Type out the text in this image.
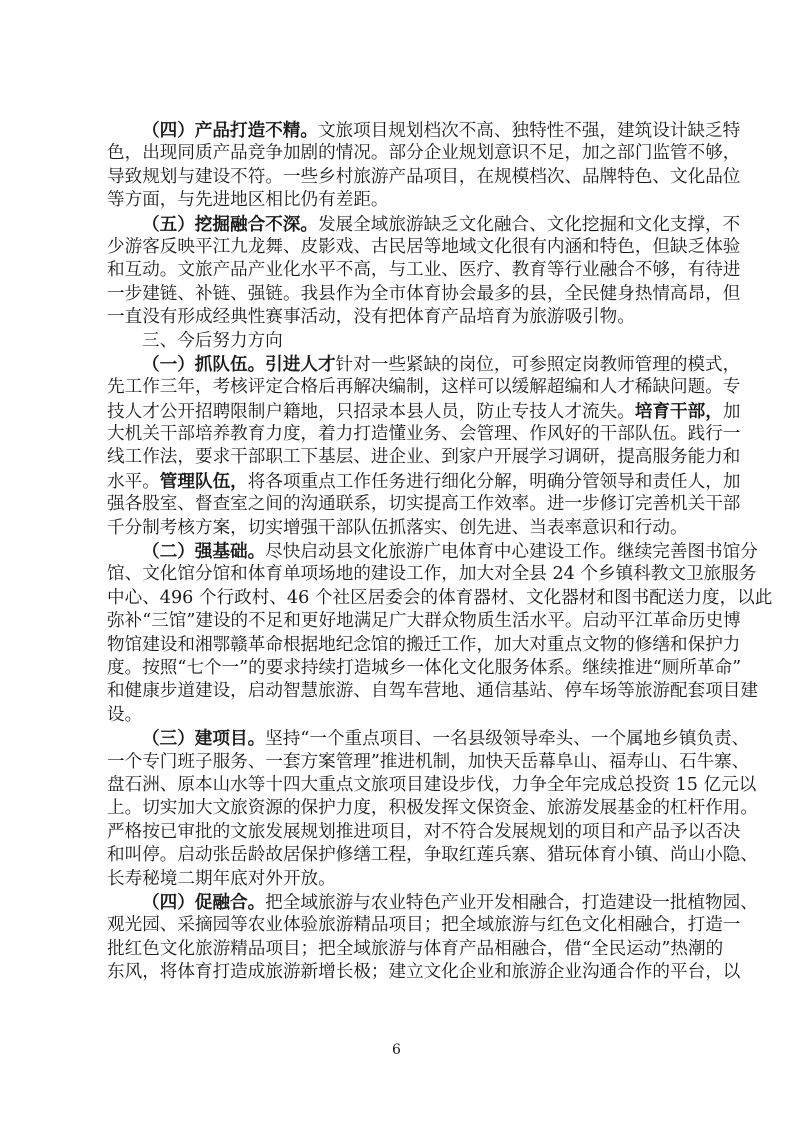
（四）产品打造不精。文旅项目规划档次不高、独特性不强，建筑设计缺乏特
色，出现同质产品竞争加剧的情况。部分企业规划意识不足，加之部门监管不够，
导致规划与建设不符。一些乡村旅游产品项目，在规模档次、品牌特色、文化品位
等方面，与先进地区相比仍有差距。
（五）挖掘融合不深。发展全域旅游缺乏文化融合、文化挖掘和文化支撑，不
少游客反映平江九龙舞、皮影戏、古民居等地域文化很有内涵和特色，但缺乏体验
和互动。文旅产品产业化水平不高，与工业、医疗、教育等行业融合不够，有待进
一步建链、补链、强链。我县作为全市体育协会最多的县，全民健身热情高昂，但
一直没有形成经典性赛事活动，没有把体育产品培育为旅游吸引物。
三、今后努力方向
（一）抓队伍。引进人才针对一些紧缺的岗位，可参照定岗教师管理的模式，
先工作三年，考核评定合格后再解决编制，这样可以缓解超编和人才稀缺问题。专
技人才公开招聘限制户籍地，只招录本县人员，防止专技人才流失。培育干部，加
大机关干部培养教育力度，着力打造懂业务、会管理、作风好的干部队伍。践行一
线工作法，要求干部职工下基层、进企业、到家户开展学习调研，提高服务能力和
水平。管理队伍，将各项重点工作任务进行细化分解，明确分管领导和责任人，加
强各股室、督查室之间的沟通联系，切实提高工作效率。进一步修订完善机关干部
千分制考核方案，切实增强干部队伍抓落实、创先进、当表率意识和行动。
（二）强基础。尽快启动县文化旅游广电体育中心建设工作。继续完善图书馆分
馆、文化馆分馆和体育单项场地的建设工作，加大对全县 24 个乡镇科教文卫旅服务
中心、496 个行政村、46 个社区居委会的体育器材、文化器材和图书配送力度，以此
弥补“三馆”建设的不足和更好地满足广大群众物质生活水平。启动平江革命历史博
物馆建设和湘鄂赣革命根据地纪念馆的搬迁工作，加大对重点文物的修缮和保护力
度。按照“七个一”的要求持续打造城乡一体化文化服务体系。继续推进“厕所革命”
和健康步道建设，启动智慧旅游、自驾车营地、通信基站、停车场等旅游配套项目建
设。
（三）建项目。坚持“一个重点项目、一名县级领导牵头、一个属地乡镇负责、
一个专门班子服务、一套方案管理”推进机制，加快天岳幕阜山、福寿山、石牛寨、
盘石洲、原本山水等十四大重点文旅项目建设步伐，力争全年完成总投资 15 亿元以
上。切实加大文旅资源的保护力度，积极发挥文保资金、旅游发展基金的杠杆作用。
严格按已审批的文旅发展规划推进项目，对不符合发展规划的项目和产品予以否决
和叫停。启动张岳龄故居保护修缮工程，争取红莲兵寨、猎玩体育小镇、尚山小隐、
长寿秘境二期年底对外开放。
（四）促融合。把全域旅游与农业特色产业开发相融合，打造建设一批植物园、
观光园、采摘园等农业体验旅游精品项目；把全域旅游与红色文化相融合，打造一
批红色文化旅游精品项目；把全域旅游与体育产品相融合，借“全民运动”热潮的
东风，将体育打造成旅游新增长极；建立文化企业和旅游企业沟通合作的平台，以
6
